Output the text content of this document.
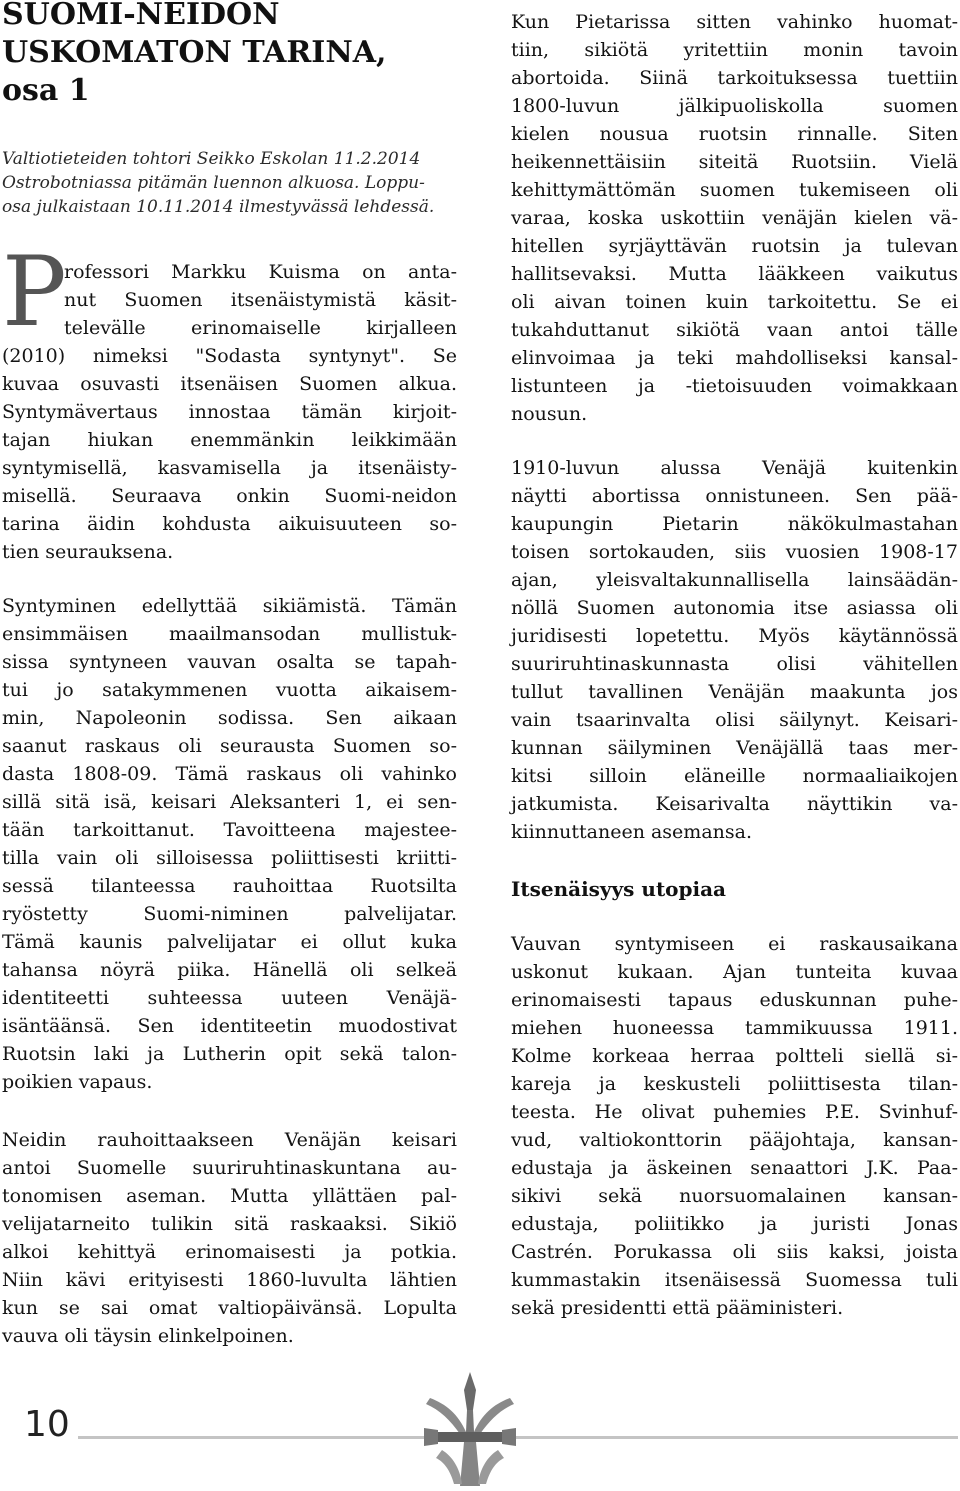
SUOMI-NEIDON
USKOMATON TARINA,
osa 1
Valtiotieteiden tohtori Seikko Eskolan 11.2.2014
Ostrobotniassa pitämän luennon alkuosa. Loppu-
osa julkaistaan 10.11.2014 ilmestyvässä lehdessä.
P
rofessori Markku Kuisma on anta-
nut Suomen itsenäistymistä käsit-
televälle erinomaiselle kirjalleen
(2010) nimeksi "Sodasta syntynyt". Se
kuvaa osuvasti itsenäisen Suomen alkua.
Syntymävertaus innostaa tämän kirjoit-
tajan hiukan enemmänkin leikkimään
syntymisellä, kasvamisella ja itsenäisty-
misellä. Seuraava onkin Suomi-neidon
tarina äidin kohdusta aikuisuuteen so-
tien seurauksena.
Syntyminen edellyttää sikiämistä. Tämän
ensimmäisen maailmansodan mullistuk-
sissa syntyneen vauvan osalta se tapah-
tui jo satakymmenen vuotta aikaisem-
min, Napoleonin sodissa. Sen aikaan
saanut raskaus oli seurausta Suomen so-
dasta 1808-09. Tämä raskaus oli vahinko
sillä sitä isä, keisari Aleksanteri 1, ei sen-
tään tarkoittanut. Tavoitteena majestee-
tilla vain oli silloisessa poliittisesti kriitti-
sessä tilanteessa rauhoittaa Ruotsilta
ryöstetty Suomi-niminen palvelijatar.
Tämä kaunis palvelijatar ei ollut kuka
tahansa nöyrä piika. Hänellä oli selkeä
identiteetti suhteessa uuteen Venäjä-
isäntäänsä. Sen identiteetin muodostivat
Ruotsin laki ja Lutherin opit sekä talon-
poikien vapaus.
Neidin rauhoittaakseen Venäjän keisari
antoi Suomelle suuriruhtinaskuntana au-
tonomisen aseman. Mutta yllättäen pal-
velijatarneito tulikin sitä raskaaksi. Sikiö
alkoi kehittyä erinomaisesti ja potkia.
Niin kävi erityisesti 1860-luvulta lähtien
kun se sai omat valtiopäivänsä. Lopulta
vauva oli täysin elinkelpoinen.
Kun Pietarissa sitten vahinko huomat-
tiin, sikiötä yritettiin monin tavoin
abortoida. Siinä tarkoituksessa tuettiin
1800-luvun jälkipuoliskolla suomen
kielen nousua ruotsin rinnalle. Siten
heikennettäisiin siteitä Ruotsiin. Vielä
kehittymättömän suomen tukemiseen oli
varaa, koska uskottiin venäjän kielen vä-
hitellen syrjäyttävän ruotsin ja tulevan
hallitsevaksi. Mutta lääkkeen vaikutus
oli aivan toinen kuin tarkoitettu. Se ei
tukahduttanut sikiötä vaan antoi tälle
elinvoimaa ja teki mahdolliseksi kansal-
listunteen ja -tietoisuuden voimakkaan
nousun.
1910-luvun alussa Venäjä kuitenkin
näytti abortissa onnistuneen. Sen pää-
kaupungin Pietarin näkökulmastahan
toisen sortokauden, siis vuosien 1908-17
ajan, yleisvaltakunnallisella lainsäädän-
nöllä Suomen autonomia itse asiassa oli
juridisesti lopetettu. Myös käytännössä
suuriruhtinaskunnasta olisi vähitellen
tullut tavallinen Venäjän maakunta jos
vain tsaarinvalta olisi säilynyt. Keisari-
kunnan säilyminen Venäjällä taas mer-
kitsi silloin eläneille normaaliaikojen
jatkumista. Keisarivalta näyttikin va-
kiinnuttaneen asemansa.
Itsenäisyys utopiaa
Vauvan syntymiseen ei raskausaikana
uskonut kukaan. Ajan tunteita kuvaa
erinomaisesti tapaus eduskunnan puhe-
miehen huoneessa tammikuussa 1911.
Kolme korkeaa herraa poltteli siellä si-
kareja ja keskusteli poliittisesta tilan-
teesta. He olivat puhemies P.E. Svinhuf-
vud, valtiokonttorin pääjohtaja, kansan-
edustaja ja äskeinen senaattori J.K. Paa-
sikivi sekä nuorsuomalainen kansan-
edustaja, poliitikko ja juristi Jonas
Castrén. Porukassa oli siis kaksi, joista
kummastakin itsenäisessä Suomessa tuli
sekä presidentti että pääministeri.
10
